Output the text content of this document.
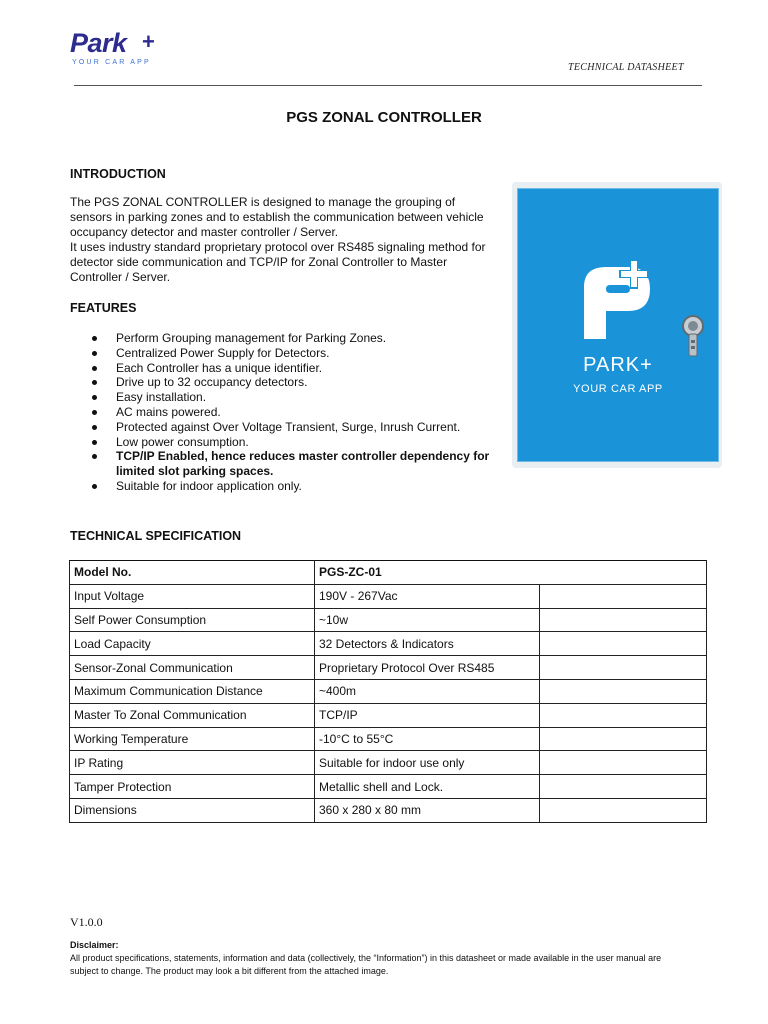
Park +
YOUR CAR APP	TECHNICAL DATASHEET
PGS ZONAL CONTROLLER
INTRODUCTION

The PGS ZONAL CONTROLLER is designed to manage the grouping of sensors in parking zones and to establish the communication between vehicle occupancy detector and master controller / Server.

It uses industry standard proprietary protocol over RS485 signaling method for detector side communication and TCP/IP for Zonal Controller to Master Controller / Server.

FEATURES
Perform Grouping management for Parking Zones.
Centralized Power Supply for Detectors.
Each Controller has a unique identifier.
Drive up to 32 occupancy detectors.
Easy installation.
AC mains powered.
Protected against Over Voltage Transient, Surge, Inrush Current.
Low power consumption.
TCP/IP Enabled, hence reduces master controller dependency for limited slot parking spaces.
Suitable for indoor application only.
PARK+
YOUR CAR APP
TECHNICAL SPECIFICATION
Model No.	PGS-ZC-01	
Input Voltage	190V - 267Vac	
Self Power Consumption	~10w	
Load Capacity	32 Detectors & Indicators	
Sensor-Zonal Communication	Proprietary Protocol Over RS485	
Maximum Communication Distance	~400m	
Master To Zonal Communication	TCP/IP	
Working Temperature	-10°C to 55°C	
IP Rating	Suitable for indoor use only	
Tamper Protection	Metallic shell and Lock.	
Dimensions	360 x 280 x 80 mm	
V1.0.0
Disclaimer:
All product specifications, statements, information and data (collectively, the “Information”) in this datasheet or made available in the user manual are subject to change. The product may look a bit different from the attached image.
